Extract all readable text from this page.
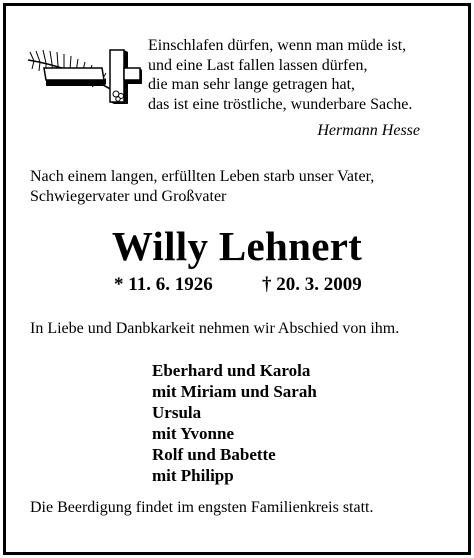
Einschlafen dürfen, wenn man müde ist,
und eine Last fallen lassen dürfen,
die man sehr lange getragen hat,
das ist eine tröstliche, wunderbare Sache.
Hermann Hesse
Nach einem langen, erfüllten Leben starb unser Vater,
Schwiegervater und Großvater
Willy Lehnert
* 11. 6. 1926	† 20. 3. 2009
In Liebe und Danbkarkeit nehmen wir Abschied von ihm.
Eberhard und Karola
mit Miriam und Sarah
Ursula
mit Yvonne
Rolf und Babette
mit Philipp
Die Beerdigung findet im engsten Familienkreis statt.
